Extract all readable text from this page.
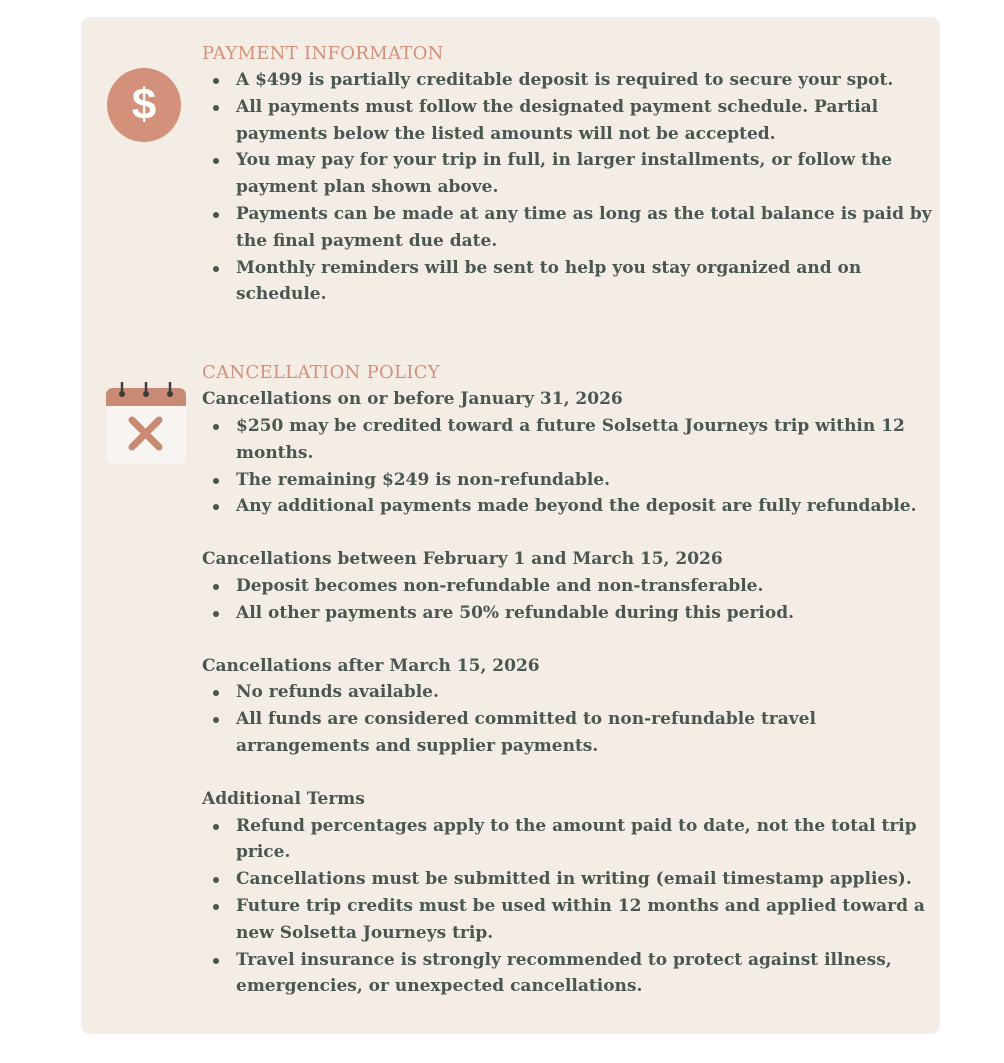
$
PAYMENT INFORMATON
A $499 is partially creditable deposit is required to secure your spot.
All payments must follow the designated payment schedule. Partial payments below the listed amounts will not be accepted.
You may pay for your trip in full, in larger installments, or follow the payment plan shown above.
Payments can be made at any time as long as the total balance is paid by the final payment due date.
Monthly reminders will be sent to help you stay organized and on schedule.
CANCELLATION POLICY

Cancellations on or before January 31, 2026

$250 may be credited toward a future Solsetta Journeys trip within 12 months.
The remaining $249 is non-refundable.
Any additional payments made beyond the deposit are fully refundable.

Cancellations between February 1 and March 15, 2026

Deposit becomes non-refundable and non-transferable.
All other payments are 50% refundable during this period.

Cancellations after March 15, 2026

No refunds available.
All funds are considered committed to non-refundable travel arrangements and supplier payments.

Additional Terms

Refund percentages apply to the amount paid to date, not the total trip price.
Cancellations must be submitted in writing (email timestamp applies).
Future trip credits must be used within 12 months and applied toward a new Solsetta Journeys trip.
Travel insurance is strongly recommended to protect against illness, emergencies, or unexpected cancellations.
